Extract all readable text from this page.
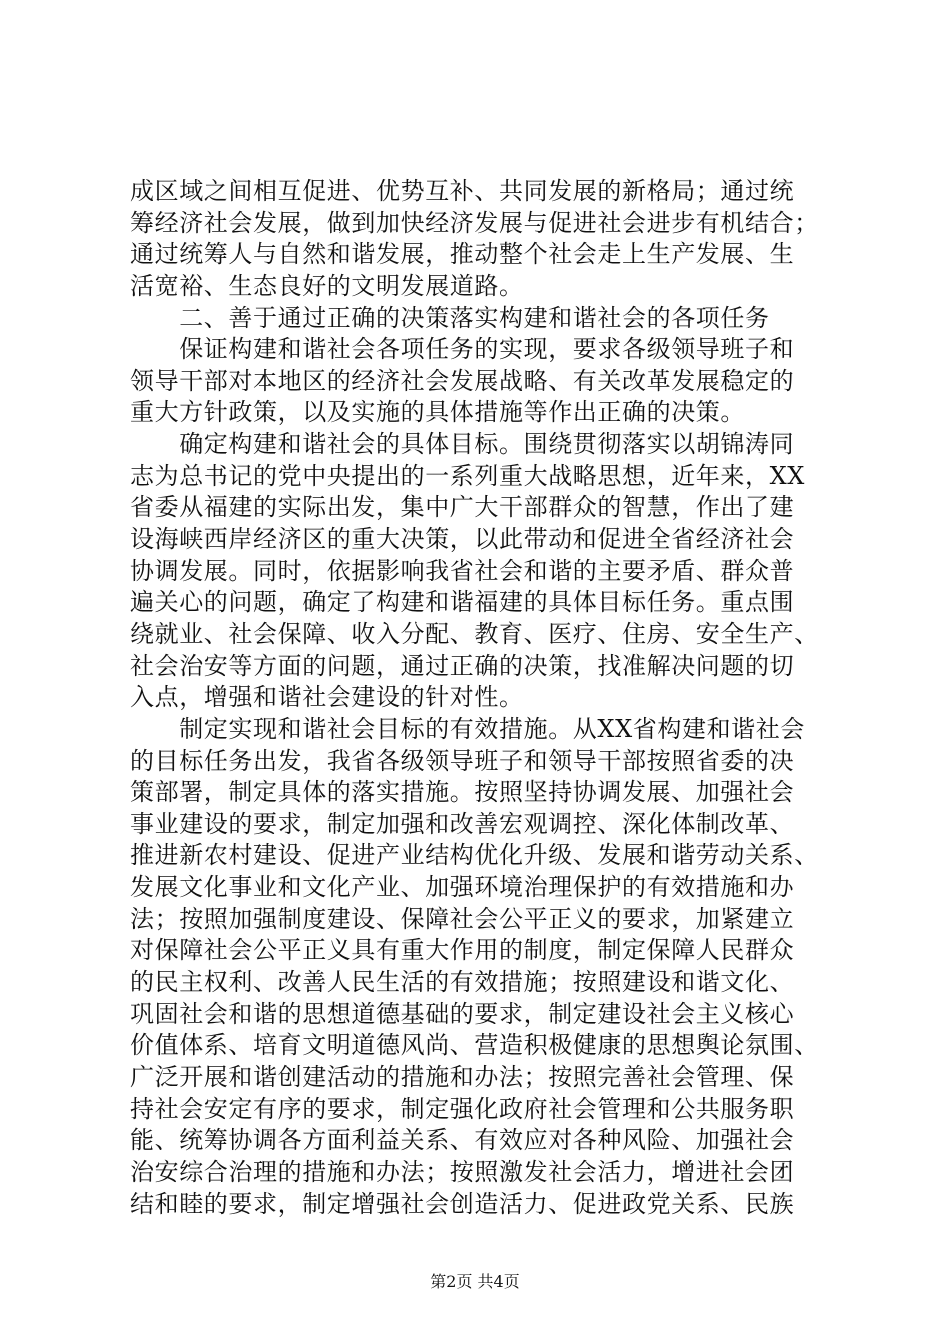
成区域之间相互促进、优势互补、共同发展的新格局；通过统
筹经济社会发展，做到加快经济发展与促进社会进步有机结合；
通过统筹人与自然和谐发展，推动整个社会走上生产发展、生
活宽裕、生态良好的文明发展道路。
　　二、善于通过正确的决策落实构建和谐社会的各项任务
　　保证构建和谐社会各项任务的实现，要求各级领导班子和
领导干部对本地区的经济社会发展战略、有关改革发展稳定的
重大方针政策，以及实施的具体措施等作出正确的决策。
　　确定构建和谐社会的具体目标。围绕贯彻落实以胡锦涛同
志为总书记的党中央提出的一系列重大战略思想，近年来，XX
省委从福建的实际出发，集中广大干部群众的智慧，作出了建
设海峡西岸经济区的重大决策，以此带动和促进全省经济社会
协调发展。同时，依据影响我省社会和谐的主要矛盾、群众普
遍关心的问题，确定了构建和谐福建的具体目标任务。重点围
绕就业、社会保障、收入分配、教育、医疗、住房、安全生产、
社会治安等方面的问题，通过正确的决策，找准解决问题的切
入点，增强和谐社会建设的针对性。
　　制定实现和谐社会目标的有效措施。从XX省构建和谐社会
的目标任务出发，我省各级领导班子和领导干部按照省委的决
策部署，制定具体的落实措施。按照坚持协调发展、加强社会
事业建设的要求，制定加强和改善宏观调控、深化体制改革、
推进新农村建设、促进产业结构优化升级、发展和谐劳动关系、
发展文化事业和文化产业、加强环境治理保护的有效措施和办
法；按照加强制度建设、保障社会公平正义的要求，加紧建立
对保障社会公平正义具有重大作用的制度，制定保障人民群众
的民主权利、改善人民生活的有效措施；按照建设和谐文化、
巩固社会和谐的思想道德基础的要求，制定建设社会主义核心
价值体系、培育文明道德风尚、营造积极健康的思想舆论氛围、
广泛开展和谐创建活动的措施和办法；按照完善社会管理、保
持社会安定有序的要求，制定强化政府社会管理和公共服务职
能、统筹协调各方面利益关系、有效应对各种风险、加强社会
治安综合治理的措施和办法；按照激发社会活力，增进社会团
结和睦的要求，制定增强社会创造活力、促进政党关系、民族
第2页 共4页
